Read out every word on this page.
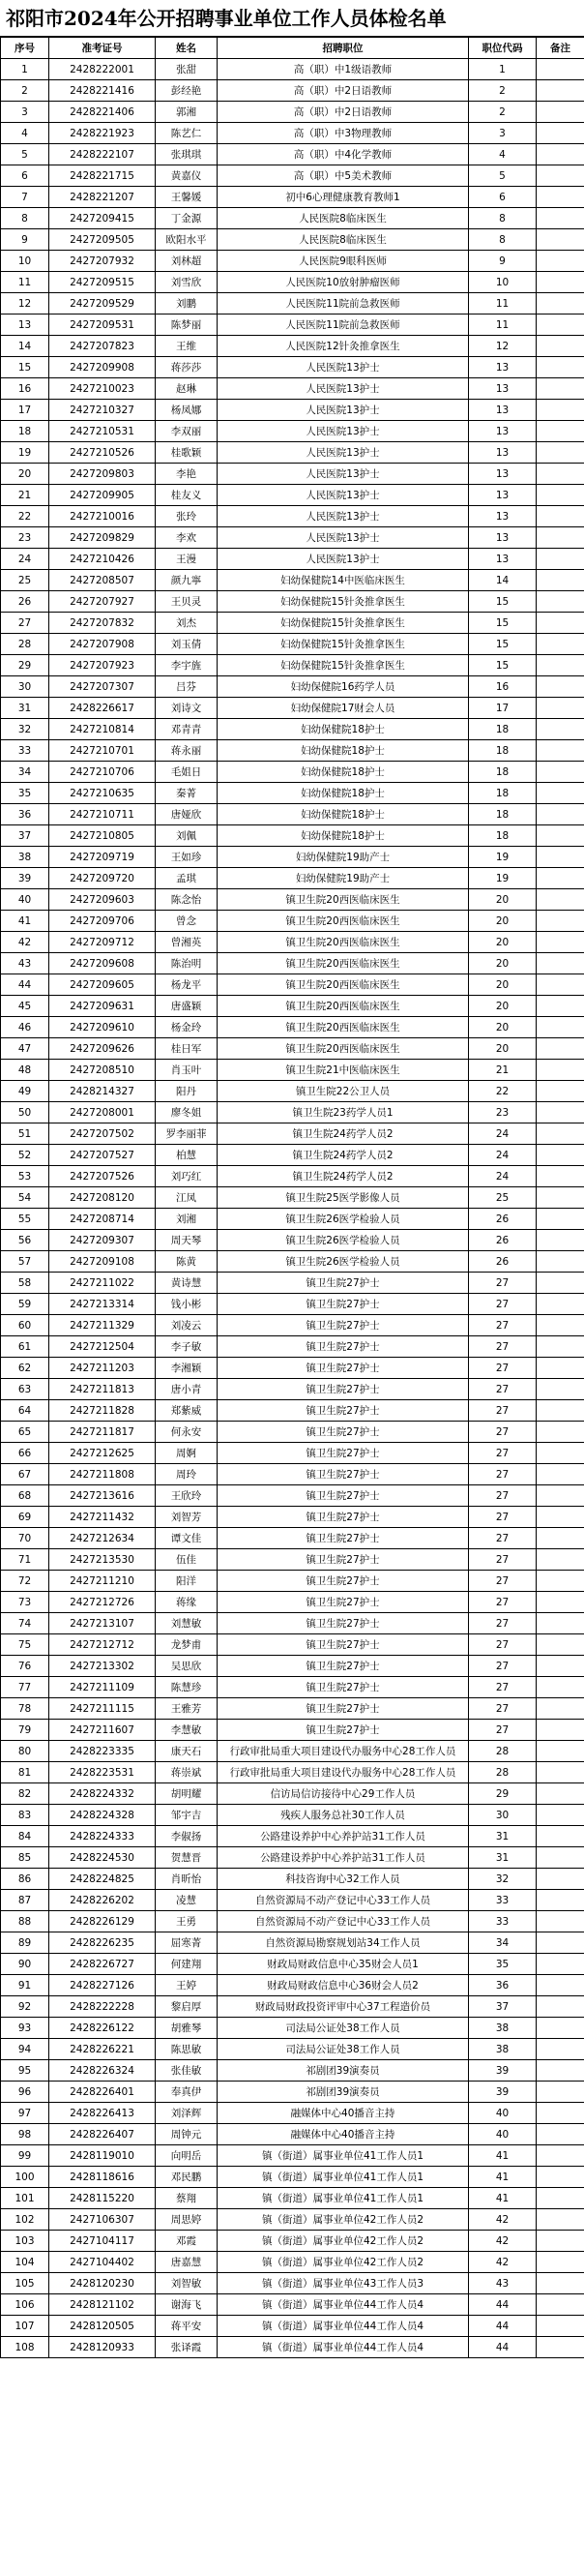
祁阳市2024年公开招聘事业单位工作人员体检名单
序号	准考证号	姓名	招聘职位	职位代码	备注
1	2428222001	张甜	高（职）中1级语教师	1	
2	2428221416	彭经艳	高（职）中2日语教师	2	
3	2428221406	郭湘	高（职）中2日语教师	2	
4	2428221923	陈艺仁	高（职）中3物理教师	3	
5	2428222107	张琪琪	高（职）中4化学教师	4	
6	2428221715	黄嘉仪	高（职）中5美术教师	5	
7	2428221207	王馨媛	初中6心理健康教育教师1	6	
8	2427209415	丁金源	人民医院8临床医生	8	
9	2427209505	欧阳水平	人民医院8临床医生	8	
10	2427207932	刘林超	人民医院9眼科医师	9	
11	2427209515	刘雪欣	人民医院10放射肿瘤医师	10	
12	2427209529	刘鹏	人民医院11院前急救医师	11	
13	2427209531	陈梦丽	人民医院11院前急救医师	11	
14	2427207823	王维	人民医院12针灸推拿医生	12	
15	2427209908	蒋莎莎	人民医院13护士	13	
16	2427210023	赵琳	人民医院13护士	13	
17	2427210327	杨凤娜	人民医院13护士	13	
18	2427210531	李双丽	人民医院13护士	13	
19	2427210526	桂歌颖	人民医院13护士	13	
20	2427209803	李艳	人民医院13护士	13	
21	2427209905	桂友义	人民医院13护士	13	
22	2427210016	张玲	人民医院13护士	13	
23	2427209829	李欢	人民医院13护士	13	
24	2427210426	王漫	人民医院13护士	13	
25	2427208507	颜九寧	妇幼保健院14中医临床医生	14	
26	2427207927	王贝灵	妇幼保健院15针灸推拿医生	15	
27	2427207832	刘杰	妇幼保健院15针灸推拿医生	15	
28	2427207908	刘玉倩	妇幼保健院15针灸推拿医生	15	
29	2427207923	李宇旌	妇幼保健院15针灸推拿医生	15	
30	2427207307	吕芬	妇幼保健院16药学人员	16	
31	2428226617	刘诗文	妇幼保健院17财会人员	17	
32	2427210814	邓青青	妇幼保健院18护士	18	
33	2427210701	蒋永丽	妇幼保健院18护士	18	
34	2427210706	毛姐日	妇幼保健院18护士	18	
35	2427210635	秦菁	妇幼保健院18护士	18	
36	2427210711	唐娅欣	妇幼保健院18护士	18	
37	2427210805	刘佩	妇幼保健院18护士	18	
38	2427209719	王如珍	妇幼保健院19助产士	19	
39	2427209720	孟琪	妇幼保健院19助产士	19	
40	2427209603	陈念怡	镇卫生院20西医临床医生	20	
41	2427209706	曾念	镇卫生院20西医临床医生	20	
42	2427209712	曾湘英	镇卫生院20西医临床医生	20	
43	2427209608	陈治明	镇卫生院20西医临床医生	20	
44	2427209605	杨龙平	镇卫生院20西医临床医生	20	
45	2427209631	唐盛颖	镇卫生院20西医临床医生	20	
46	2427209610	杨金玲	镇卫生院20西医临床医生	20	
47	2427209626	桂日军	镇卫生院20西医临床医生	20	
48	2427208510	肖玉叶	镇卫生院21中医临床医生	21	
49	2428214327	阳丹	镇卫生院22公卫人员	22	
50	2427208001	廖冬姐	镇卫生院23药学人员1	23	
51	2427207502	罗李丽菲	镇卫生院24药学人员2	24	
52	2427207527	柏慧	镇卫生院24药学人员2	24	
53	2427207526	刘巧红	镇卫生院24药学人员2	24	
54	2427208120	江凤	镇卫生院25医学影像人员	25	
55	2427208714	刘湘	镇卫生院26医学检验人员	26	
56	2427209307	周天琴	镇卫生院26医学检验人员	26	
57	2427209108	陈黄	镇卫生院26医学检验人员	26	
58	2427211022	黄诗慧	镇卫生院27护士	27	
59	2427213314	钱小彬	镇卫生院27护士	27	
60	2427211329	刘凌云	镇卫生院27护士	27	
61	2427212504	李子敏	镇卫生院27护士	27	
62	2427211203	李湘颖	镇卫生院27护士	27	
63	2427211813	唐小青	镇卫生院27护士	27	
64	2427211828	郑紫威	镇卫生院27护士	27	
65	2427211817	何永安	镇卫生院27护士	27	
66	2427212625	周婀	镇卫生院27护士	27	
67	2427211808	周玲	镇卫生院27护士	27	
68	2427213616	王欣玲	镇卫生院27护士	27	
69	2427211432	刘智芳	镇卫生院27护士	27	
70	2427212634	谭文佳	镇卫生院27护士	27	
71	2427213530	伍佳	镇卫生院27护士	27	
72	2427211210	阳洋	镇卫生院27护士	27	
73	2427212726	蒋缘	镇卫生院27护士	27	
74	2427213107	刘慧敏	镇卫生院27护士	27	
75	2427212712	龙梦甫	镇卫生院27护士	27	
76	2427213302	吴思欣	镇卫生院27护士	27	
77	2427211109	陈慧珍	镇卫生院27护士	27	
78	2427211115	王雅芳	镇卫生院27护士	27	
79	2427211607	李慧敏	镇卫生院27护士	27	
80	2428223335	康天石	行政审批局重大项目建设代办服务中心28工作人员	28	
81	2428223531	蒋崇斌	行政审批局重大项目建设代办服务中心28工作人员	28	
82	2428224332	胡明耀	信访局信访接待中心29工作人员	29	
83	2428224328	邹宇吉	残疾人服务总社30工作人员	30	
84	2428224333	李俶扬	公路建设养护中心养护站31工作人员	31	
85	2428224530	贺慧晋	公路建设养护中心养护站31工作人员	31	
86	2428224825	肖昕怡	科技咨询中心32工作人员	32	
87	2428226202	凌慧	自然资源局不动产登记中心33工作人员	33	
88	2428226129	王勇	自然资源局不动产登记中心33工作人员	33	
89	2428226235	屈寒菁	自然资源局勘察规划站34工作人员	34	
90	2428226727	何建翔	财政局财政信息中心35财会人员1	35	
91	2428227126	王婷	财政局财政信息中心36财会人员2	36	
92	2428222228	黎启厚	财政局财政投资评审中心37工程造价员	37	
93	2428226122	胡雅琴	司法局公证处38工作人员	38	
94	2428226221	陈思敏	司法局公证处38工作人员	38	
95	2428226324	张佳敏	祁剧团39演奏员	39	
96	2428226401	奉真伊	祁剧团39演奏员	39	
97	2428226413	刘泽辉	融媒体中心40播音主持	40	
98	2428226407	周钟元	融媒体中心40播音主持	40	
99	2428119010	向明岳	镇（街道）属事业单位41工作人员1	41	
100	2428118616	邓民鹏	镇（街道）属事业单位41工作人员1	41	
101	2428115220	蔡翔	镇（街道）属事业单位41工作人员1	41	
102	2427106307	周思婷	镇（街道）属事业单位42工作人员2	42	
103	2427104117	邓霞	镇（街道）属事业单位42工作人员2	42	
104	2427104402	唐嘉慧	镇（街道）属事业单位42工作人员2	42	
105	2428120230	刘智敏	镇（街道）属事业单位43工作人员3	43	
106	2428121102	谢海飞	镇（街道）属事业单位44工作人员4	44	
107	2428120505	蒋平安	镇（街道）属事业单位44工作人员4	44	
108	2428120933	张译霞	镇（街道）属事业单位44工作人员4	44	
